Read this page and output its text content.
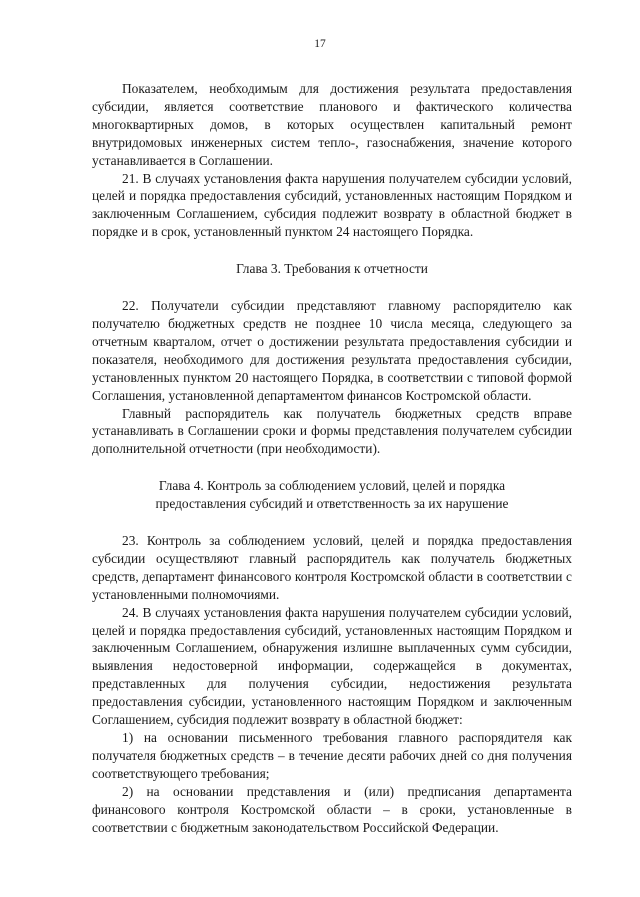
17

Показателем, необходимым для достижения результата предоставления субсидии, является соответствие планового и фактического количества многоквартирных домов, в которых осуществлен капитальный ремонт внутридомовых инженерных систем тепло-, газоснабжения, значение которого устанавливается в Соглашении.

21. В случаях установления факта нарушения получателем субсидии условий, целей и порядка предоставления субсидий, установленных настоящим Порядком и заключенным Соглашением, субсидия подлежит возврату в областной бюджет в порядке и в срок, установленный пунктом 24 настоящего Порядка.

Глава 3. Требования к отчетности

22. Получатели субсидии представляют главному распорядителю как получателю бюджетных средств не позднее 10 числа месяца, следующего за отчетным кварталом, отчет о достижении результата предоставления субсидии и показателя, необходимого для достижения результата предоставления субсидии, установленных пунктом 20 настоящего Порядка, в соответствии с типовой формой Соглашения, установленной департаментом финансов Костромской области.

Главный распорядитель как получатель бюджетных средств вправе устанавливать в Соглашении сроки и формы представления получателем субсидии дополнительной отчетности (при необходимости).

Глава 4. Контроль за соблюдением условий, целей и порядка
предоставления субсидий и ответственность за их нарушение

23. Контроль за соблюдением условий, целей и порядка предоставления субсидии осуществляют главный распорядитель как получатель бюджетных средств, департамент финансового контроля Костромской области в соответствии с установленными полномочиями.

24. В случаях установления факта нарушения получателем субсидии условий, целей и порядка предоставления субсидий, установленных настоящим Порядком и заключенным Соглашением, обнаружения излишне выплаченных сумм субсидии, выявления недостоверной информации, содержащейся в документах, представленных для получения субсидии, недостижения результата предоставления субсидии, установленного настоящим Порядком и заключенным Соглашением, субсидия подлежит возврату в областной бюджет:

1) на основании письменного требования главного распорядителя как получателя бюджетных средств – в течение десяти рабочих дней со дня получения соответствующего требования;

2) на основании представления и (или) предписания департамента финансового контроля Костромской области – в сроки, установленные в соответствии с бюджетным законодательством Российской Федерации.
